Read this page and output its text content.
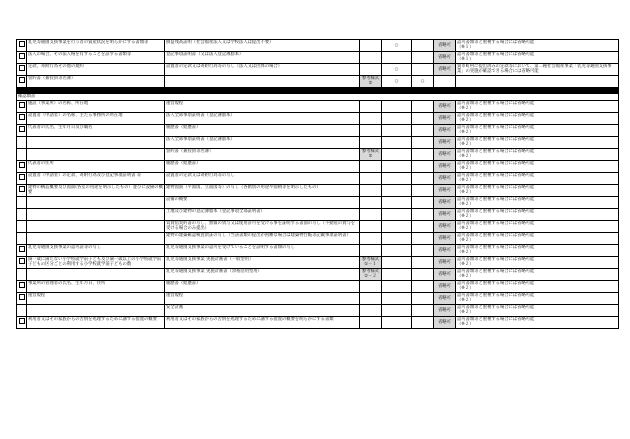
	乳児等通園支援事業を行う者の資産状況を明らかにする書類等	損益残高証明（社会福祉法人又は学校法人は提出不要）		○		省略可	認可書類等と重複する場合には省略可能
（※１）
	法人の場合、その法人格を有することを証する書類等	登記事項証明書（又は法人登記簿謄本）				省略可	認可書類等と重複する場合には省略可能
（※１）
	定款、寄附行為その他の規約	設置者の定款又は寄附行為等の写し（法人又は団体の場合）		○		省略可	貴市町村に提出済みの定款等において、第二種社会福祉事業「乳児等通園支援事業」の実施が確認できる場合には省略可能
	誓約書（兼役員等名簿）		参考様式
②	○	○		

確認類書							
	施設（事業所）の名称、所在地	運営規程				省略可	認可書類等と重複する場合には省略可能
（※２）
	設置者（申請者）の名称、主たる事務所の所在地	法人全部事項証明書（登記簿謄本）				省略可	認可書類等と重複する場合には省略可能
（※２）
	代表者の氏名、生年月日及び職名	履歴書（経歴書）				省略可	認可書類等と重複する場合には省略可能
（※２）
		法人全部事項証明書（登記簿謄本）				省略可	認可書類等と重複する場合には省略可能
（※２）
		誓約書（兼役員等名簿）	参考様式
②			省略可	認可書類等と重複する場合には省略可能
（※２）
	代表者の住所	履歴書（経歴書）				省略可	認可書類等と重複する場合には省略可能
（※２）
	設置者（申請者）の定款、寄附行為及び登記事項証明書 等	設置者の定款又は寄附行為等の写し				省略可	認可書類等と重複する場合には省略可能
（※２）
	建物の構造概要及び図面(各室の用途を明示したもの）並びに設備の概要	建物図面（平面図、立面図等）の写し（各階別の用途や面積等を明示したもの）				省略可	認可書類等と重複する場合には省略可能
（※２）
		設備の概要				省略可	認可書類等と重複する場合には省略可能
（※２）
		土地及び建物の登記簿謄本（登記事項全部証明書）				省略可	認可書類等と重複する場合には省略可能
（※２）
		賃貸借契約書の写し、無償の貸与又は使用許可を受ける事を証明する書面の写し（不動産の貸与を受ける場合のみ提出）				省略可	認可書類等と重複する場合には省略可能
（※２）
		建物の建築確認検査済証の写し（当該書類の提出が困難な場合は建築物台帳等記載事項証明書）				省略可	認可書類等と重複する場合には省略可能
（※２）
	乳児等通園支援事業の認可証等の写し	乳児等通園支援事業の認可を受けていることを証明する書類の写し				省略可	認可書類等と重複する場合には省略可能
（※２）
	満一歳に満たない小学校就学前子ども及び満一歳以上の小学校就学前子どもの区分ごとの利用する小学校就学前子どもの数	乳児等通園支援事業 実施計画書（一般型用）	参考様式
①－１			省略可	認可書類等と重複する場合には省略可能
（※２）
		乳児等通園支援事業 実施計画書（余裕活用型用）	参考様式
①－２			省略可	認可書類等と重複する場合には省略可能
（※２）
	事業所の管理者の氏名、生年月日、住所	履歴書（経歴書）				省略可	認可書類等と重複する場合には省略可能
（※２）
	運営規程	運営規程				省略可	認可書類等と重複する場合には省略可能
（※２）
		安全計画				省略可	認可書類等と重複する場合には省略可能
（※２）
	利用者又はその家族からの苦情を処理するために講ずる措置の概要	利用者又はその家族からの苦情を処理するために講ずる措置の概要を明らかにする書類				省略可	認可書類等と重複する場合には省略可能
（※２）
